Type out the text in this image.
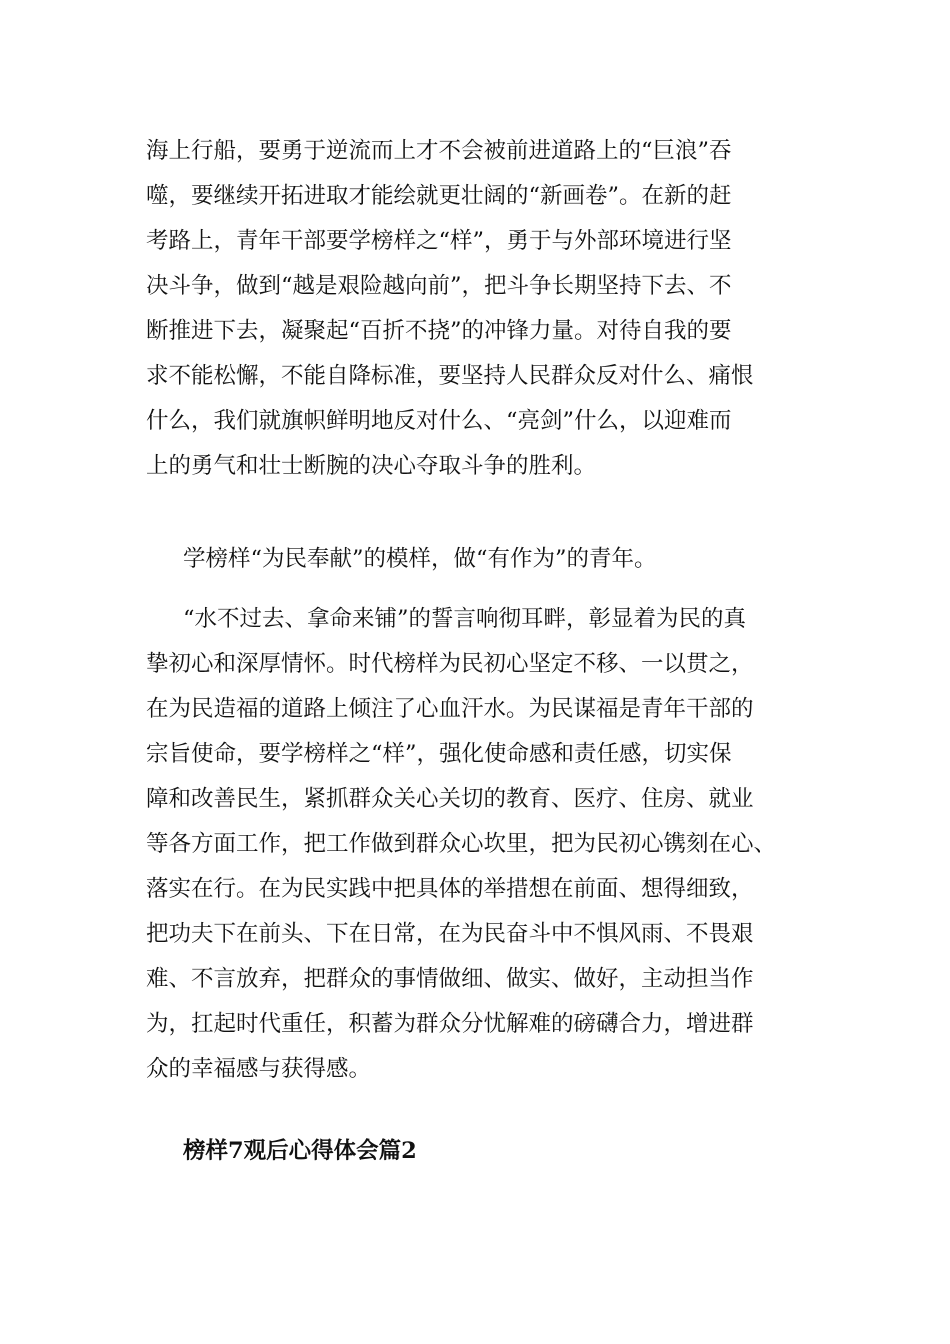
海上行船，要勇于逆流而上才不会被前进道路上的“巨浪”吞
噬，要继续开拓进取才能绘就更壮阔的“新画卷”。在新的赶
考路上，青年干部要学榜样之“样”，勇于与外部环境进行坚
决斗争，做到“越是艰险越向前”，把斗争长期坚持下去、不
断推进下去，凝聚起“百折不挠”的冲锋力量。对待自我的要
求不能松懈，不能自降标准，要坚持人民群众反对什么、痛恨
什么，我们就旗帜鲜明地反对什么、“亮剑”什么，以迎难而
上的勇气和壮士断腕的决心夺取斗争的胜利。
学榜样“为民奉献”的模样，做“有作为”的青年。
“水不过去、拿命来铺”的誓言响彻耳畔，彰显着为民的真
挚初心和深厚情怀。时代榜样为民初心坚定不移、一以贯之，
在为民造福的道路上倾注了心血汗水。为民谋福是青年干部的
宗旨使命，要学榜样之“样”，强化使命感和责任感，切实保
障和改善民生，紧抓群众关心关切的教育、医疗、住房、就业
等各方面工作，把工作做到群众心坎里，把为民初心镌刻在心、
落实在行。在为民实践中把具体的举措想在前面、想得细致，
把功夫下在前头、下在日常，在为民奋斗中不惧风雨、不畏艰
难、不言放弃，把群众的事情做细、做实、做好，主动担当作
为，扛起时代重任，积蓄为群众分忧解难的磅礴合力，增进群
众的幸福感与获得感。
榜样7观后心得体会篇2
